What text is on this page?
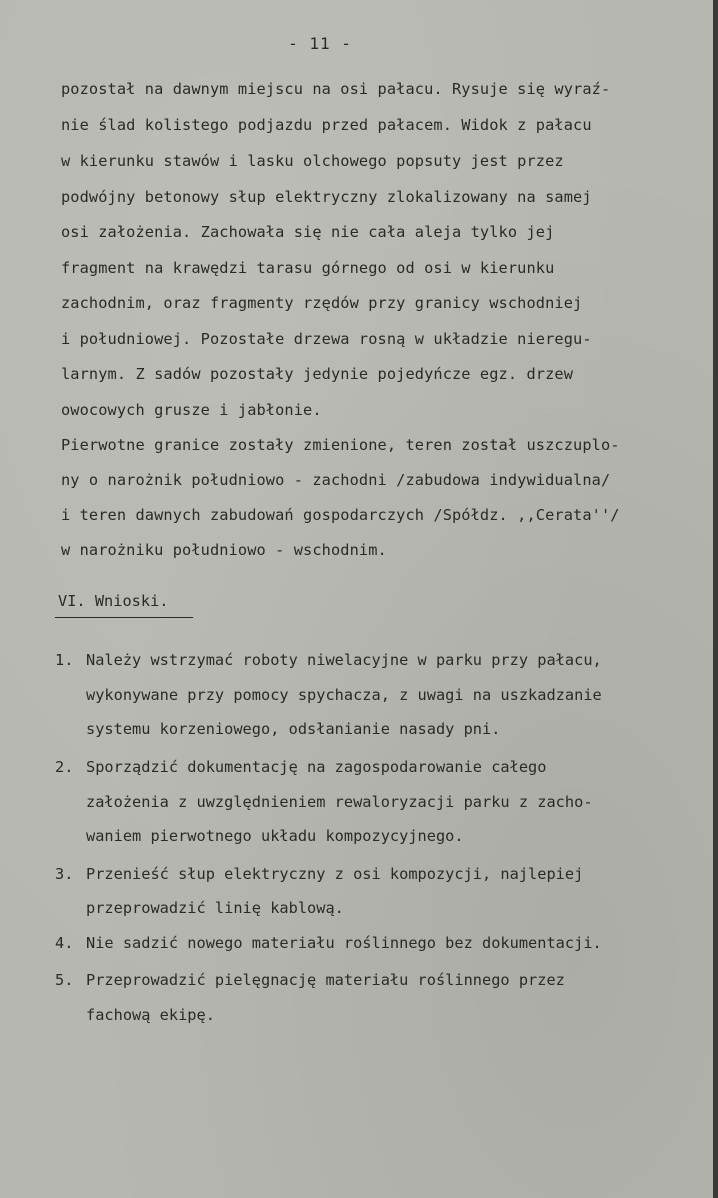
- 11 -
pozostał na dawnym miejscu na osi pałacu. Rysuje się wyraź-
nie ślad kolistego podjazdu przed pałacem. Widok z pałacu
w kierunku stawów i lasku olchowego popsuty jest przez
podwójny betonowy słup elektryczny zlokalizowany na samej
osi założenia. Zachowała się nie cała aleja tylko jej
fragment na krawędzi tarasu górnego od osi w kierunku
zachodnim, oraz fragmenty rzędów przy granicy wschodniej
i południowej. Pozostałe drzewa rosną w układzie nieregu-
larnym. Z sadów pozostały jedynie pojedyńcze egz. drzew
owocowych grusze i jabłonie.
Pierwotne granice zostały zmienione, teren został uszczuplo-
ny o narożnik południowo - zachodni /zabudowa indywidualna/
i teren dawnych zabudowań gospodarczych /Spółdz. ,,Cerata''/
w narożniku południowo - wschodnim.
VI. Wnioski.
1. Należy wstrzymać roboty niwelacyjne w parku przy pałacu,
wykonywane przy pomocy spychacza, z uwagi na uszkadzanie
systemu korzeniowego, odsłanianie nasady pni.
2. Sporządzić dokumentację na zagospodarowanie całego
założenia z uwzględnieniem rewaloryzacji parku z zacho-
waniem pierwotnego układu kompozycyjnego.
3. Przenieść słup elektryczny z osi kompozycji, najlepiej
przeprowadzić linię kablową.
4. Nie sadzić nowego materiału roślinnego bez dokumentacji.
5. Przeprowadzić pielęgnację materiału roślinnego przez
fachową ekipę.
